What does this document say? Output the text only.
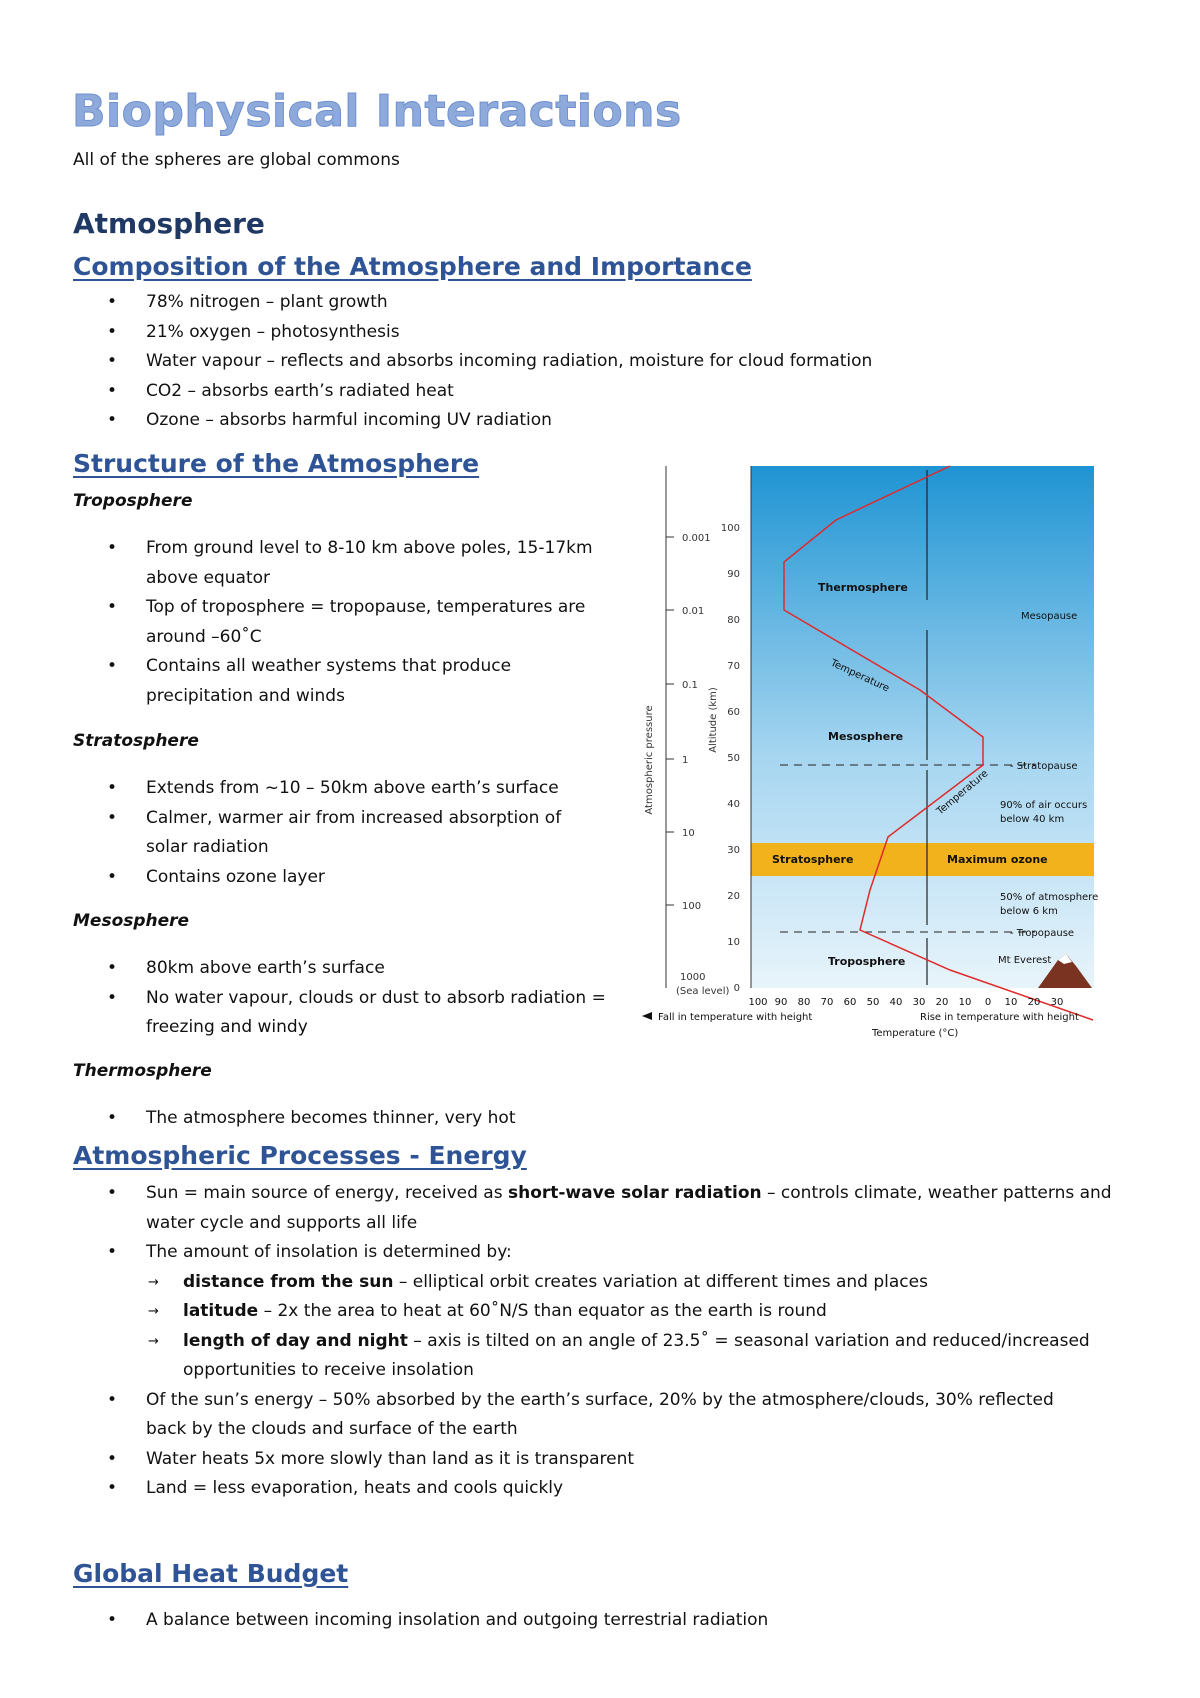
Biophysical Interactions

All of the spheres are global commons

Atmosphere
Composition of the Atmosphere and Importance
• 78% nitrogen – plant growth
• 21% oxygen – photosynthesis
• Water vapour – reflects and absorbs incoming radiation, moisture for cloud formation
• CO2 – absorbs earth’s radiated heat
• Ozone – absorbs harmful incoming UV radiation
Structure of the Atmosphere
Troposphere
• From ground level to 8-10 km above poles, 15-17km
above equator
• Top of troposphere = tropopause, temperatures are
around –60˚C
• Contains all weather systems that produce
precipitation and winds
Stratosphere
• Extends from ~10 – 50km above earth’s surface
• Calmer, warmer air from increased absorption of
solar radiation
• Contains ozone layer
Mesosphere
• 80km above earth’s surface
• No water vapour, clouds or dust to absorb radiation =
freezing and windy
Thermosphere
• The atmosphere becomes thinner, very hot
Atmospheric Processes - Energy
• Sun = main source of energy, received as short-wave solar radiation – controls climate, weather patterns and
water cycle and supports all life
• The amount of insolation is determined by:
→ distance from the sun – elliptical orbit creates variation at different times and places
→ latitude – 2x the area to heat at 60˚N/S than equator as the earth is round
→ length of day and night – axis is tilted on an angle of 23.5˚ = seasonal variation and reduced/increased
opportunities to receive insolation
• Of the sun’s energy – 50% absorbed by the earth’s surface, 20% by the atmosphere/clouds, 30% reflected
back by the clouds and surface of the earth
• Water heats 5x more slowly than land as it is transparent
• Land = less evaporation, heats and cools quickly
Global Heat Budget
• A balance between incoming insolation and outgoing terrestrial radiation
0.001
0.01
0.1
1
10
100
1000
(Sea level)
Atmospheric pressure	Altitude (km)
0
10
20
30
40
50
60
70
80
90
100
Thermosphere
Mesosphere
Stratosphere
Troposphere
Maximum ozone
Mesopause
- Stratopause
- Tropopause
90% of air occurs
below 40 km
50% of atmosphere
below 6 km
Mt Everest
Temperature
Temperature
100 90 80 70 60 50 40 30 20 10 0 10 20 30
Fall in temperature with height	Rise in temperature with height
Temperature (°C)
